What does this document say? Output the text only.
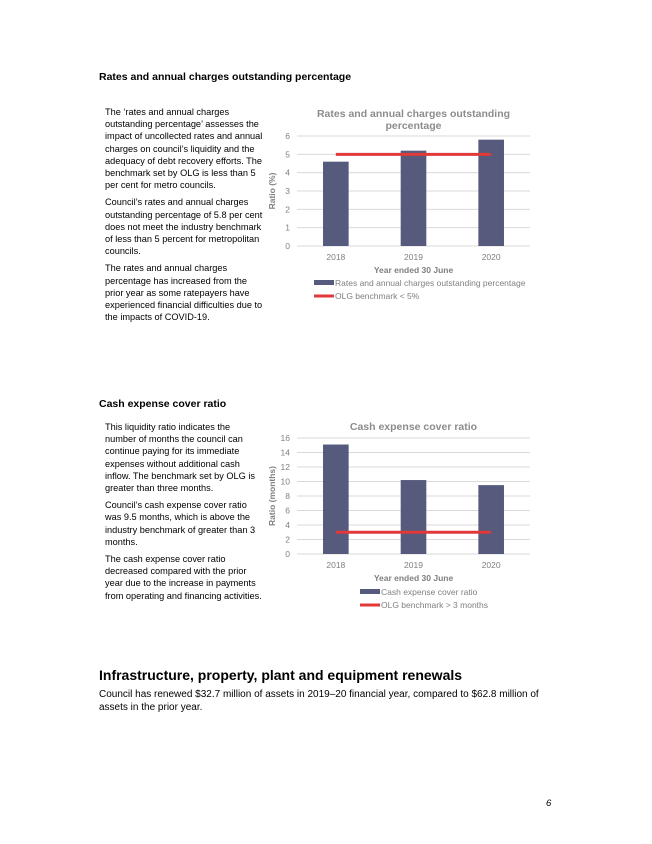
Rates and annual charges outstanding percentage

The ‘rates and annual charges outstanding percentage’ assesses the impact of uncollected rates and annual charges on council’s liquidity and the adequacy of debt recovery efforts. The benchmark set by OLG is less than 5 per cent for metro councils.

Council’s rates and annual charges outstanding percentage of 5.8 per cent does not meet the industry benchmark of less than 5 percent for metropolitan councils.

The rates and annual charges percentage has increased from the prior year as some ratepayers have experienced financial difficulties due to the impacts of COVID-19.

Rates and annual charges outstanding
percentage
0
1
2
3
4
5
6
2018	2019	2020
Year ended 30 June
Ratio (%)
Rates and annual charges outstanding percentage
OLG benchmark < 5%
Cash expense cover ratio

This liquidity ratio indicates the number of months the council can continue paying for its immediate expenses without additional cash inflow. The benchmark set by OLG is greater than three months.

Council’s cash expense cover ratio was 9.5 months, which is above the industry benchmark of greater than 3 months.

The cash expense cover ratio decreased compared with the prior year due to the increase in payments from operating and financing activities.

Cash expense cover ratio
0
2
4
6
8
10
12
14
16
2018	2019	2020
Year ended 30 June
Ratio (months)
Cash expense cover ratio
OLG benchmark > 3 months
Infrastructure, property, plant and equipment renewals
Council has renewed $32.7 million of assets in 2019–20 financial year, compared to $62.8 million of assets in the prior year.
6
